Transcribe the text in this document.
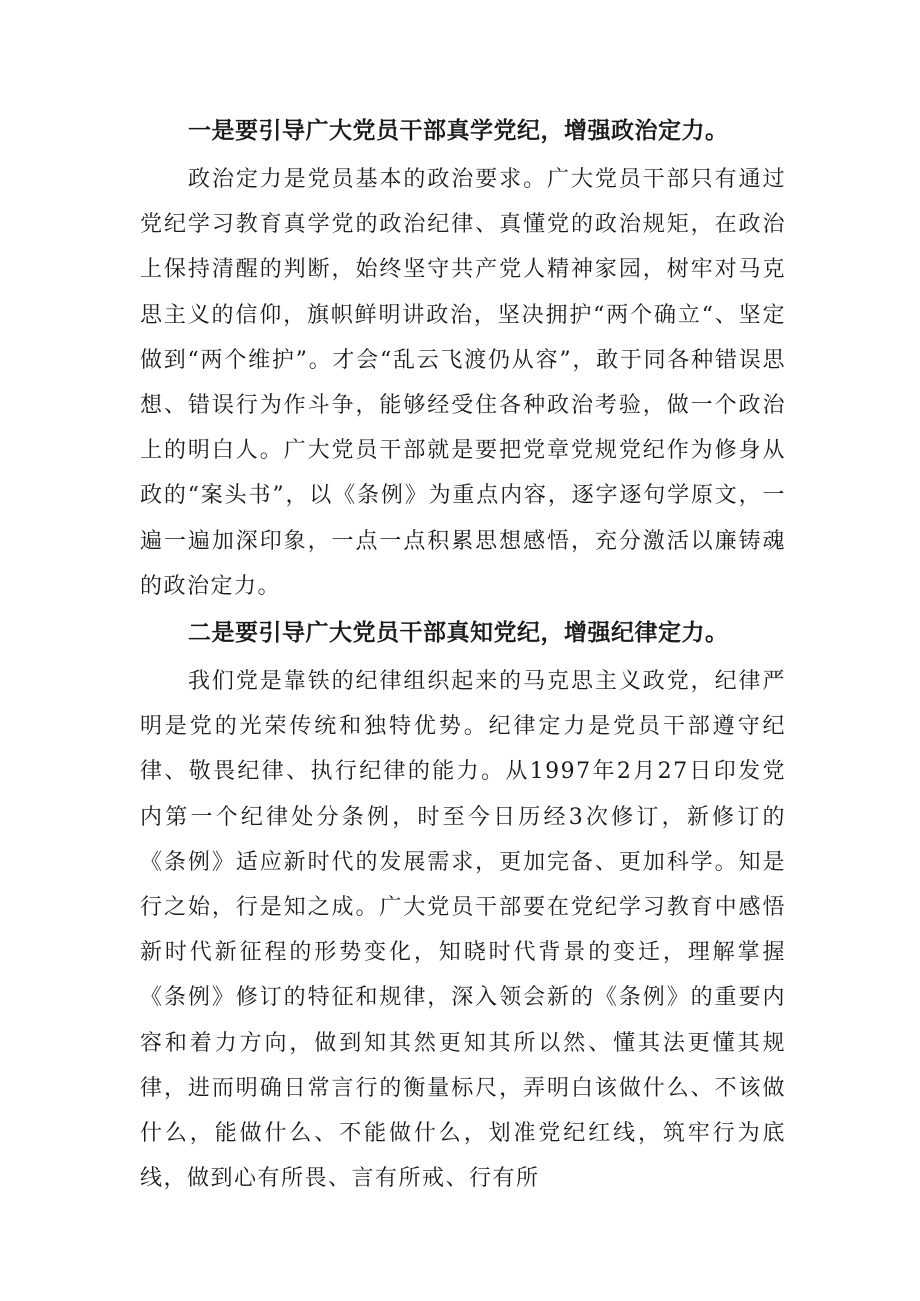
一是要引导广大党员干部真学党纪，增强政治定力。

政治定力是党员基本的政治要求。广大党员干部只有通过党纪学习教育真学党的政治纪律、真懂党的政治规矩，在政治上保持清醒的判断，始终坚守共产党人精神家园，树牢对马克思主义的信仰，旗帜鲜明讲政治，坚决拥护“两个确立“、坚定做到“两个维护”。才会“乱云飞渡仍从容”，敢于同各种错误思想、错误行为作斗争，能够经受住各种政治考验，做一个政治上的明白人。广大党员干部就是要把党章党规党纪作为修身从政的“案头书”，以《条例》为重点内容，逐字逐句学原文，一遍一遍加深印象，一点一点积累思想感悟，充分激活以廉铸魂的政治定力。

二是要引导广大党员干部真知党纪，增强纪律定力。

我们党是靠铁的纪律组织起来的马克思主义政党，纪律严明是党的光荣传统和独特优势。纪律定力是党员干部遵守纪律、敬畏纪律、执行纪律的能力。从1997年2月27日印发党内第一个纪律处分条例，时至今日历经3次修订，新修订的《条例》适应新时代的发展需求，更加完备、更加科学。知是行之始，行是知之成。广大党员干部要在党纪学习教育中感悟新时代新征程的形势变化，知晓时代背景的变迁，理解掌握《条例》修订的特征和规律，深入领会新的《条例》的重要内容和着力方向，做到知其然更知其所以然、懂其法更懂其规律，进而明确日常言行的衡量标尺，弄明白该做什么、不该做什么，能做什么、不能做什么，划准党纪红线，筑牢行为底线，做到心有所畏、言有所戒、行有所
